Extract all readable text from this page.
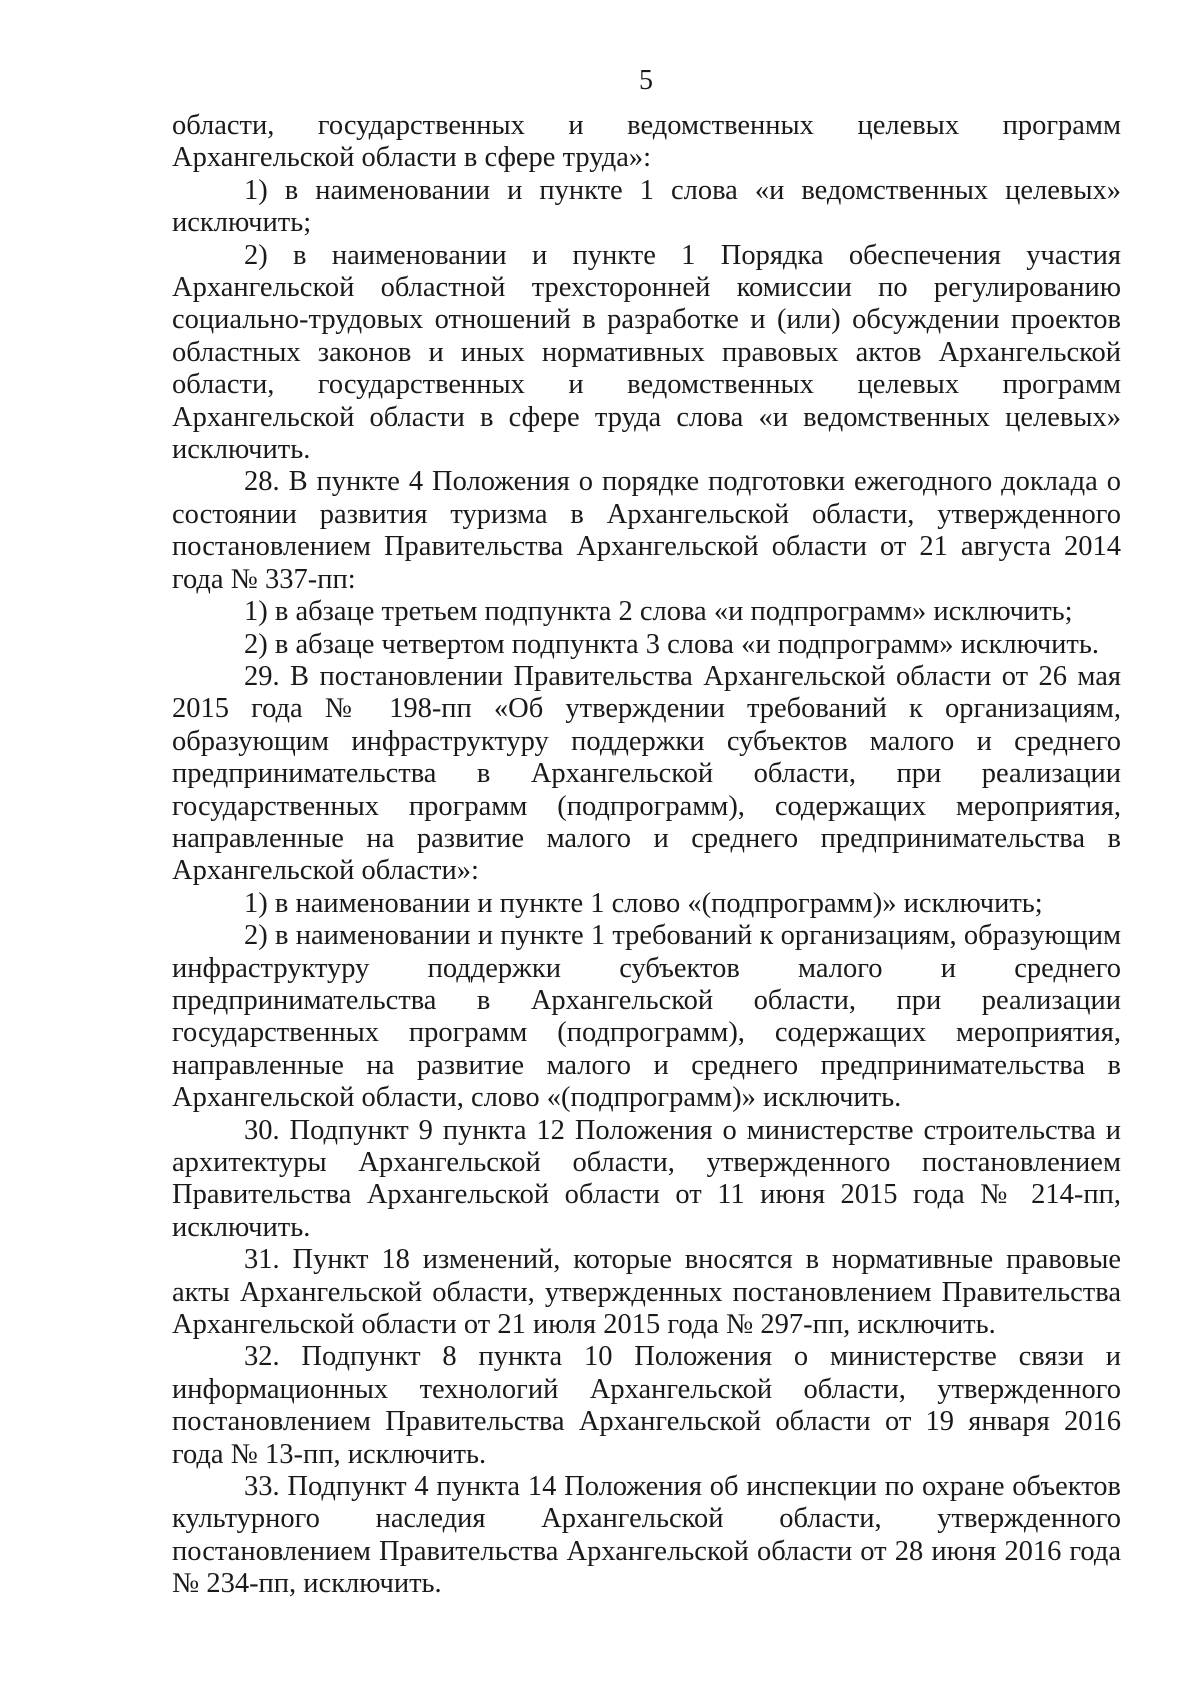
5

области, государственных и ведомственных целевых программ Архангельской области в сфере труда»:

1) в наименовании и пункте 1 слова «и ведомственных целевых» исключить;

2) в наименовании и пункте 1 Порядка обеспечения участия Архангельской областной трехсторонней комиссии по регулированию социально-трудовых отношений в разработке и (или) обсуждении проектов областных законов и иных нормативных правовых актов Архангельской области, государственных и ведомственных целевых программ Архангельской области в сфере труда слова «и ведомственных целевых» исключить.

28. В пункте 4 Положения о порядке подготовки ежегодного доклада о состоянии развития туризма в Архангельской области, утвержденного постановлением Правительства Архангельской области от 21 августа 2014 года № 337-пп:

1) в абзаце третьем подпункта 2 слова «и подпрограмм» исключить;

2) в абзаце четвертом подпункта 3 слова «и подпрограмм» исключить.

29. В постановлении Правительства Архангельской области от 26 мая 2015 года № 198-пп «Об утверждении требований к организациям, образующим инфраструктуру поддержки субъектов малого и среднего предпринимательства в Архангельской области, при реализации государственных программ (подпрограмм), содержащих мероприятия, направленные на развитие малого и среднего предпринимательства в Архангельской области»:

1) в наименовании и пункте 1 слово «(подпрограмм)» исключить;

2) в наименовании и пункте 1 требований к организациям, образующим инфраструктуру поддержки субъектов малого и среднего предпринимательства в Архангельской области, при реализации государственных программ (подпрограмм), содержащих мероприятия, направленные на развитие малого и среднего предпринимательства в Архангельской области, слово «(подпрограмм)» исключить.

30. Подпункт 9 пункта 12 Положения о министерстве строительства и архитектуры Архангельской области, утвержденного постановлением Правительства Архангельской области от 11 июня 2015 года № 214-пп, исключить.

31. Пункт 18 изменений, которые вносятся в нормативные правовые акты Архангельской области, утвержденных постановлением Правительства Архангельской области от 21 июля 2015 года № 297-пп, исключить.

32. Подпункт 8 пункта 10 Положения о министерстве связи и информационных технологий Архангельской области, утвержденного постановлением Правительства Архангельской области от 19 января 2016 года № 13-пп, исключить.

33. Подпункт 4 пункта 14 Положения об инспекции по охране объектов культурного наследия Архангельской области, утвержденного постановлением Правительства Архангельской области от 28 июня 2016 года № 234-пп, исключить.
